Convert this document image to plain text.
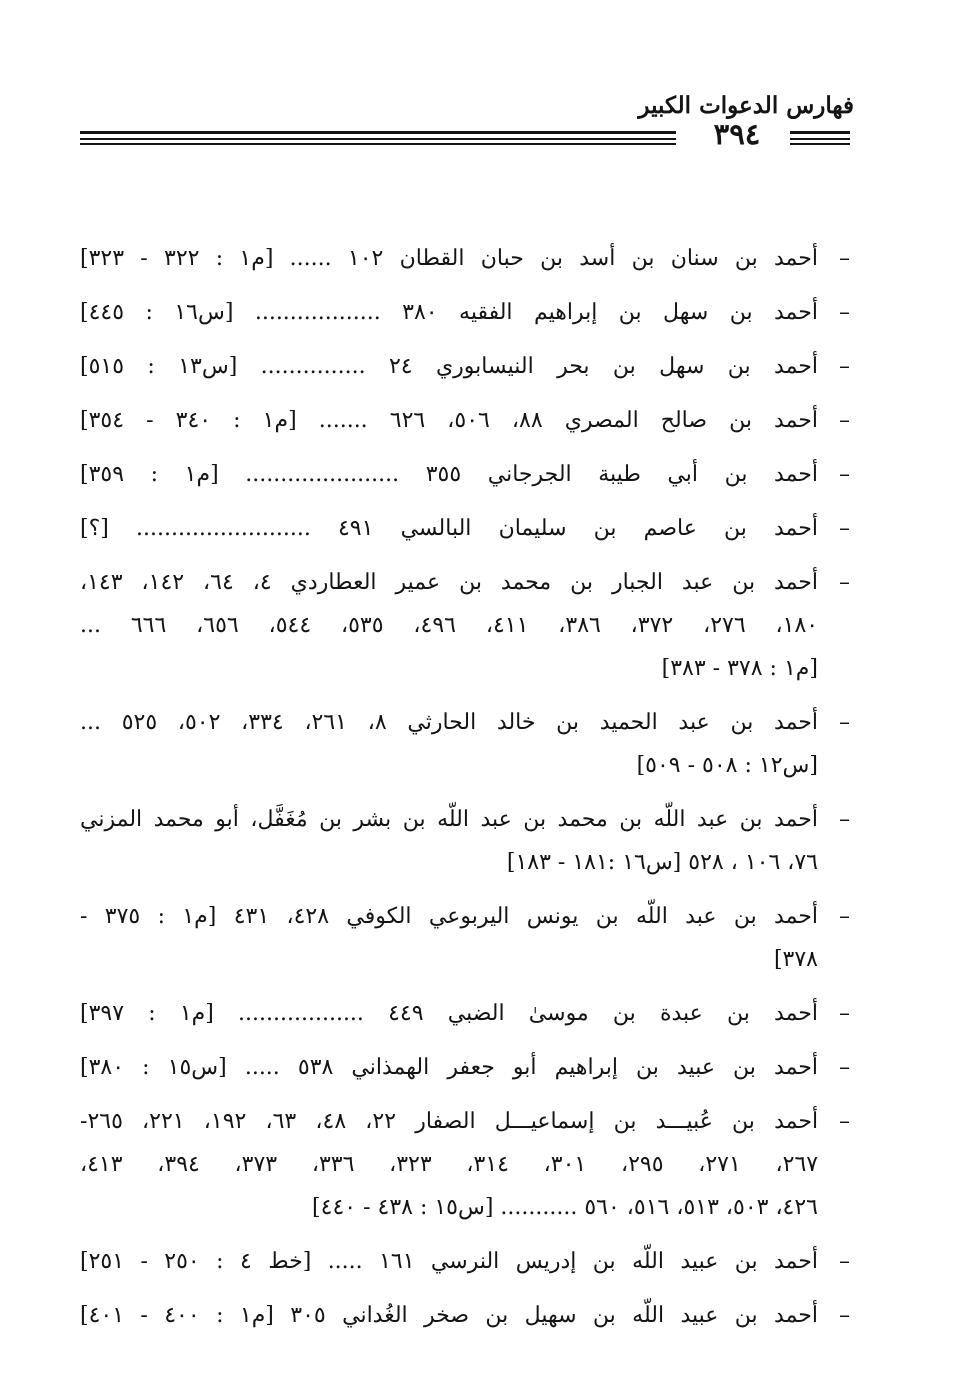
فهارس الدعوات الكبير
٣٩٤
–
أحمد بن سنان بن أسد بن حبان القطان ١٠٢ ...... [م١ : ٣٢٢ - ٣٢٣]
–
أحمد بن سهل بن إبراهيم الفقيه ٣٨٠ .................. [س١٦ : ٤٤٥]
–
أحمد بن سهل بن بحر النيسابوري ٢٤ ............... [س١٣ : ٥١٥]
–
أحمد بن صالح المصري ٨٨، ٥٠٦، ٦٢٦ ....... [م١ : ٣٤٠ - ٣٥٤]
–
أحمد بن أبي طيبة الجرجاني ٣٥٥ ...................... [م١ : ٣٥٩]
–
أحمد بن عاصم بن سليمان البالسي ٤٩١ ......................... [؟]
–
أحمد بن عبد الجبار بن محمد بن عمير العطاردي ٤، ٦٤، ١٤٢، ١٤٣،
١٨٠، ٢٧٦، ٣٧٢، ٣٨٦، ٤١١، ٤٩٦، ٥٣٥، ٥٤٤، ٦٥٦، ٦٦٦ ...
[م١ : ٣٧٨ - ٣٨٣]
–
أحمد بن عبد الحميد بن خالد الحارثي ٨، ٢٦١، ٣٣٤، ٥٠٢، ٥٢٥ ...
[س١٢ : ٥٠٨ - ٥٠٩]
–
أحمد بن عبد اللّه بن محمد بن عبد اللّه بن بشر بن مُغَفَّل، أبو محمد المزني
٧٦، ١٠٦ ، ٥٢٨ [س١٦ :١٨١ - ١٨٣]
–
أحمد بن عبد اللّه بن يونس اليربوعي الكوفي ٤٢٨، ٤٣١ [م١ : ٣٧٥ -
٣٧٨]
–
أحمد بن عبدة بن موسىٰ الضبي ٤٤٩ .................. [م١ : ٣٩٧]
–
أحمد بن عبيد بن إبراهيم أبو جعفر الهمذاني ٥٣٨ ..... [س١٥ : ٣٨٠]
–
أحمد بن عُبيـــد بن إسماعيـــل الصفار ٢٢، ٤٨، ٦٣، ١٩٢، ٢٢١، ٢٦٥-
٢٦٧، ٢٧١، ٢٩٥، ٣٠١، ٣١٤، ٣٢٣، ٣٣٦، ٣٧٣، ٣٩٤، ٤١٣،
٤٢٦، ٥٠٣، ٥١٣، ٥١٦، ٥٦٠ ........... [س١٥ : ٤٣٨ - ٤٤٠]
–
أحمد بن عبيد اللّه بن إدريس النرسي ١٦١ ..... [خط ٤ : ٢٥٠ - ٢٥١]
–
أحمد بن عبيد اللّه بن سهيل بن صخر الغُداني ٣٠٥ [م١ : ٤٠٠ - ٤٠١]
